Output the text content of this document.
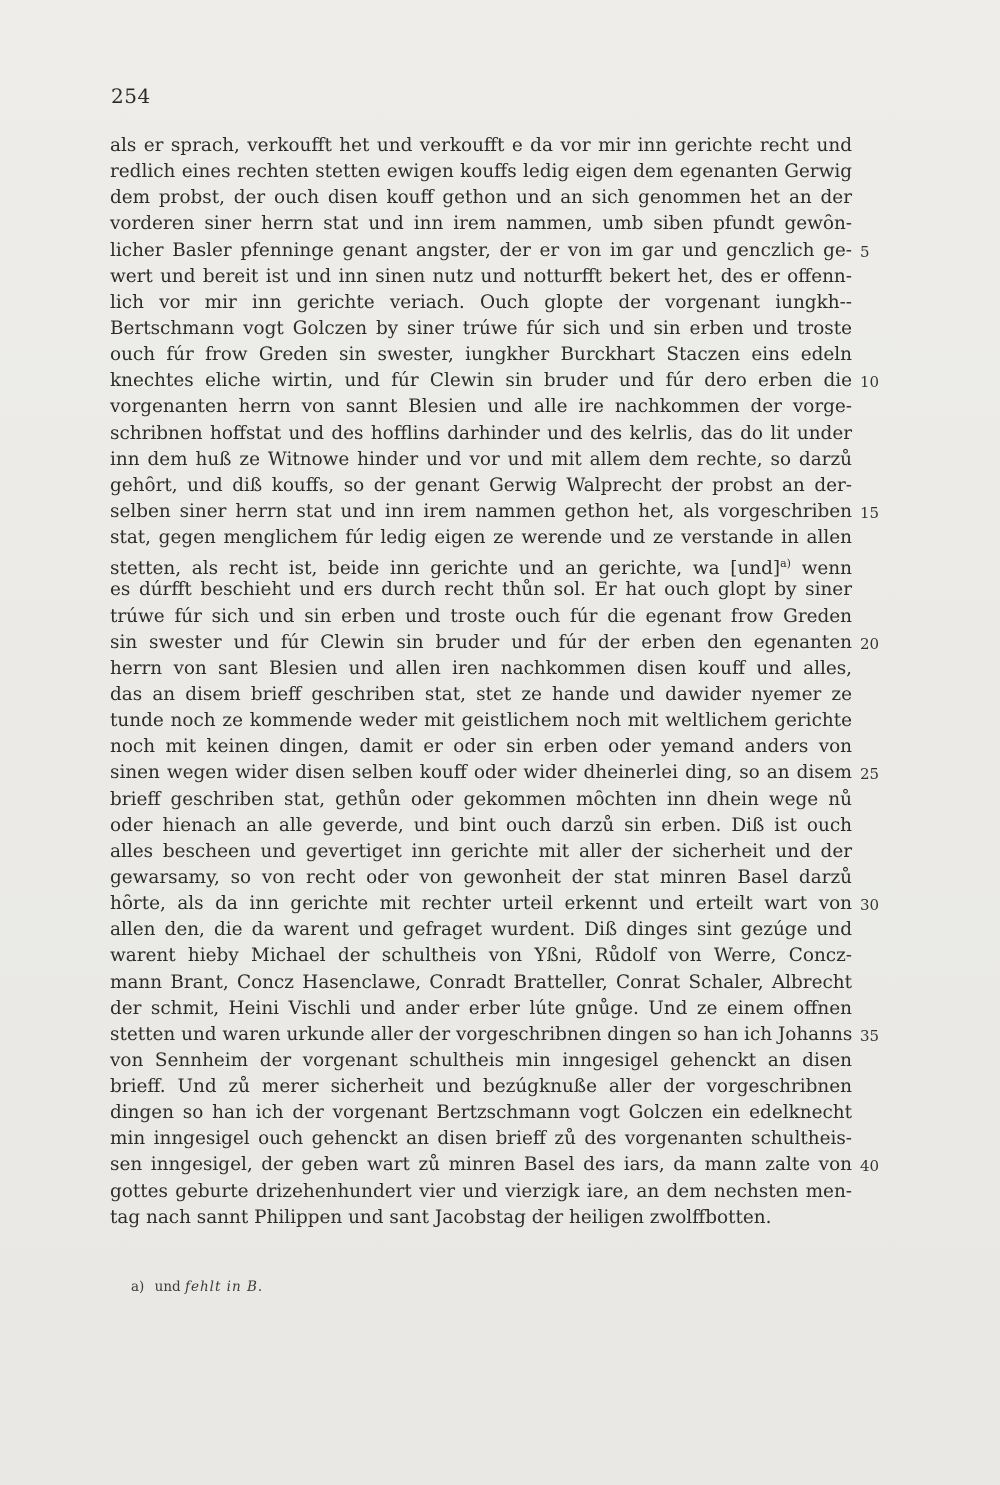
254
als er sprach, verkoufft het und verkoufft e da vor mir inn gerichte recht und
redlich eines rechten stetten ewigen kouffs ledig eigen dem egenanten Gerwig
dem probst, der ouch disen kouff gethon und an sich genommen het an der
vorderen siner herrn stat und inn irem nammen, umb siben pfundt gewȏn-
licher Basler pfenninge genant angster, der er von im gar und genczlich ge- 5
wert und bereit ist und inn sinen nutz und notturfft bekert het, des er offenn-
lich vor mir inn gerichte veriach. Ouch glopte der vorgenant iungkh--
Bertschmann vogt Golczen by siner trúwe fúr sich und sin erben und troste
ouch fúr frow Greden sin swester, iungkher Burckhart Staczen eins edeln
knechtes eliche wirtin, und fúr Clewin sin bruder und fúr dero erben die 10
vorgenanten herrn von sannt Blesien und alle ire nachkommen der vorge-
schribnen hoffstat und des hofflins darhinder und des kelrlis, das do lit under
inn dem huß ze Witnowe hinder und vor und mit allem dem rechte, so darzů
gehȏrt, und diß kouffs, so der genant Gerwig Walprecht der probst an der-
selben siner herrn stat und inn irem nammen gethon het, als vorgeschriben 15
stat, gegen menglichem fúr ledig eigen ze werende und ze verstande in allen
stetten, als recht ist, beide inn gerichte und an gerichte, wa [und]$^{a)}$ wenn
es dúrfft beschieht und ers durch recht thůn sol. Er hat ouch glopt by siner
trúwe fúr sich und sin erben und troste ouch fúr die egenant frow Greden
sin swester und fúr Clewin sin bruder und fúr der erben den egenanten 20
herrn von sant Blesien und allen iren nachkommen disen kouff und alles,
das an disem brieff geschriben stat, stet ze hande und dawider nyemer ze
tunde noch ze kommende weder mit geistlichem noch mit weltlichem gerichte
noch mit keinen dingen, damit er oder sin erben oder yemand anders von
sinen wegen wider disen selben kouff oder wider dheinerlei ding, so an disem 25
brieff geschriben stat, gethůn oder gekommen mȏchten inn dhein wege nů
oder hienach an alle geverde, und bint ouch darzů sin erben. Diß ist ouch
alles bescheen und gevertiget inn gerichte mit aller der sicherheit und der
gewarsamy, so von recht oder von gewonheit der stat minren Basel darzů
hȏrte, als da inn gerichte mit rechter urteil erkennt und erteilt wart von 30
allen den, die da warent und gefraget wurdent. Diß dinges sint gezúge und
warent hieby Michael der schultheis von Yßni, Růdolf von Werre, Concz-
mann Brant, Concz Hasenclawe, Conradt Bratteller, Conrat Schaler, Albrecht
der schmit, Heini Vischli und ander erber lúte gnůge. Und ze einem offnen
stetten und waren urkunde aller der vorgeschribnen dingen so han ich Johanns 35
von Sennheim der vorgenant schultheis min inngesigel gehenckt an disen
brieff. Und zů merer sicherheit und bezúgknuße aller der vorgeschribnen
dingen so han ich der vorgenant Bertzschmann vogt Golczen ein edelknecht
min inngesigel ouch gehenckt an disen brieff zů des vorgenanten schultheis-
sen inngesigel, der geben wart zů minren Basel des iars, da mann zalte von 40
gottes geburte drizehenhundert vier und vierzigk iare, an dem nechsten men-
tag nach sannt Philippen und sant Jacobstag der heiligen zwolffbotten.
a) und fehlt in B.
